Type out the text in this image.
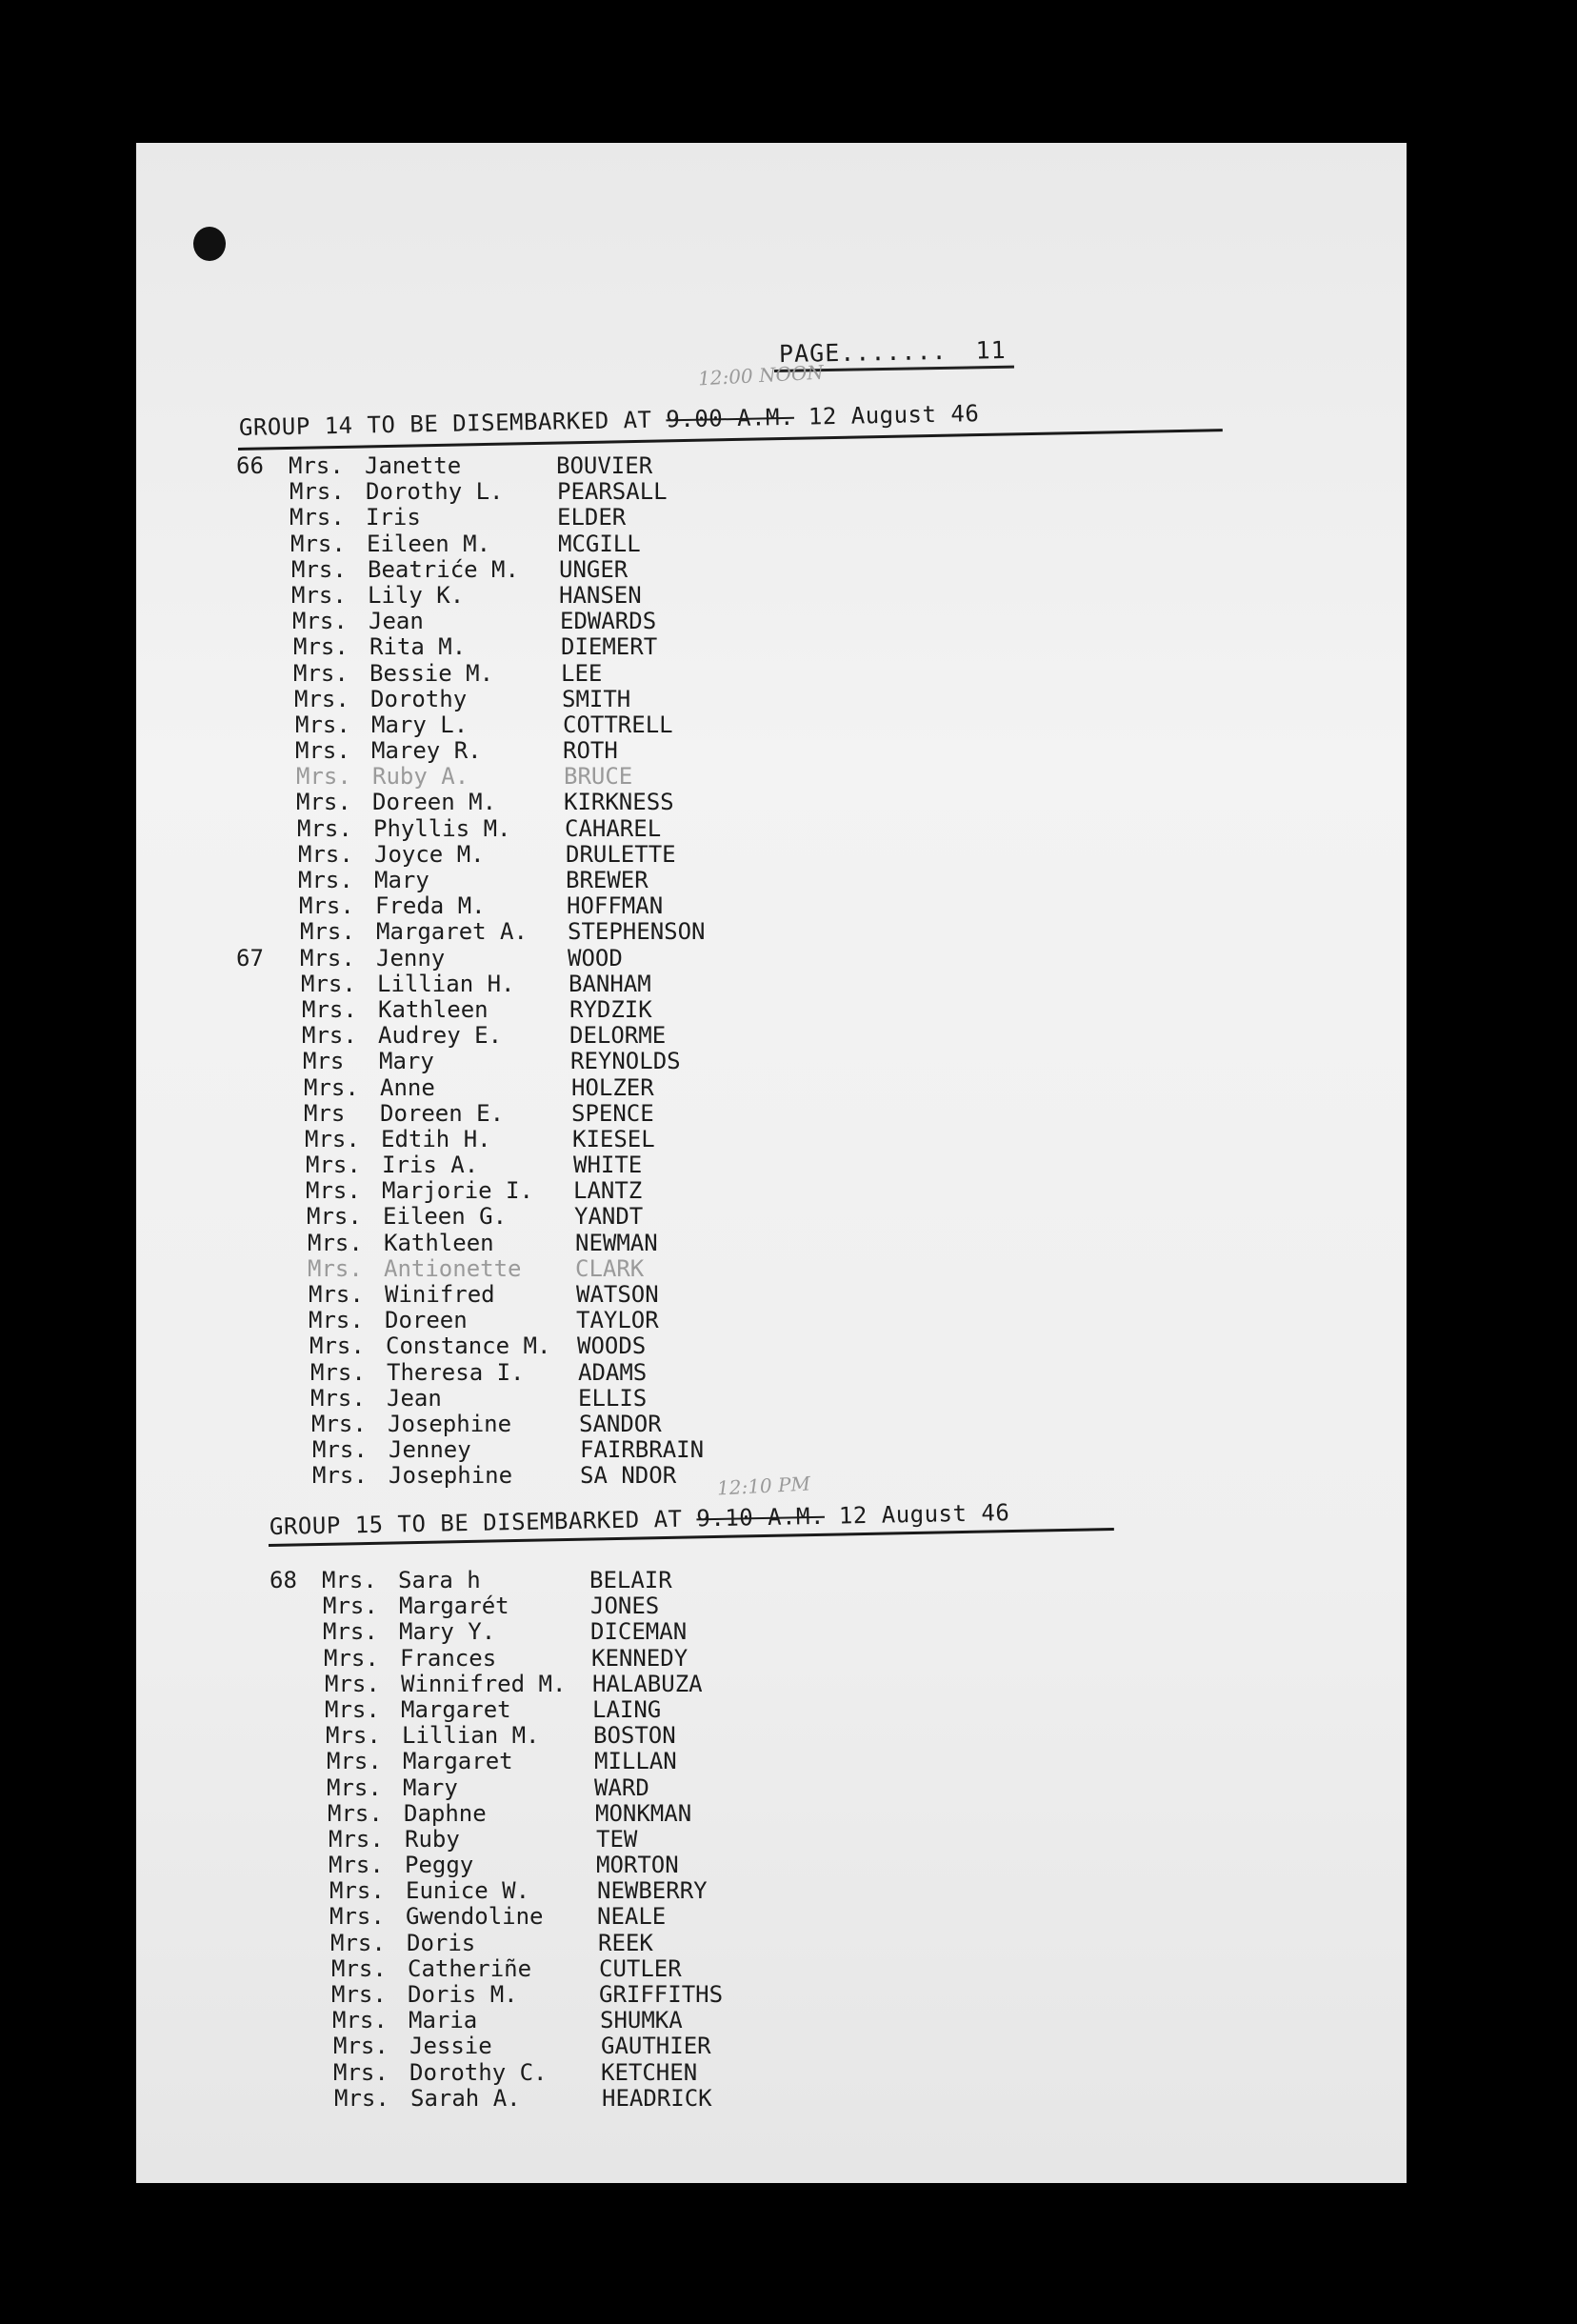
PAGE....... 11
12:00 NOON
GROUP 14 TO BE DISEMBARKED AT 9.00 A.M. 12 August 46
66	Mrs. Janette	BOUVIER
Mrs. Dorothy L. PEARSALL
Mrs. Iris	ELDER
Mrs. Eileen M.	MCGILL
Mrs. Beatriće M. UNGER
Mrs. Lily K.	HANSEN
Mrs. Jean	EDWARDS
Mrs. Rita M.	DIEMERT
Mrs. Bessie M.	LEE
Mrs. Dorothy	SMITH
Mrs. Mary L.	COTTRELL
Mrs. Marey R.	ROTH
Mrs. Ruby A.	BRUCE
Mrs. Doreen M.	KIRKNESS
Mrs. Phyllis M. CAHAREL
Mrs. Joyce M.	DRULETTE
Mrs. Mary	BREWER
Mrs. Freda M.	HOFFMAN
Mrs. Margaret A. STEPHENSON
67	Mrs. Jenny	WOOD
Mrs. Lillian H. BANHAM
Mrs. Kathleen	RYDZIK
Mrs. Audrey E.	DELORME
Mrs Mary	REYNOLDS
Mrs. Anne	HOLZER
Mrs Doreen E.	SPENCE
Mrs. Edtih H.	KIESEL
Mrs. Iris A.	WHITE
Mrs. Marjorie I. LANTZ
Mrs. Eileen G.	YANDT
Mrs. Kathleen	NEWMAN
Mrs. Antionette CLARK
Mrs. Winifred	WATSON
Mrs. Doreen	TAYLOR
Mrs. Constance M. WOODS
Mrs. Theresa I. ADAMS
Mrs. Jean	ELLIS
Mrs. Josephine	SANDOR
Mrs. Jenney	FAIRBRAIN
Mrs. Josephine	SA NDOR 12:10 PM
GROUP 15 TO BE DISEMBARKED AT 9.10 A.M. 12 August 46
68	Mrs. Sara h	BELAIR
Mrs. Margarét	JONES
Mrs. Mary Y.	DICEMAN
Mrs. Frances	KENNEDY
Mrs. Winnifred M. HALABUZA
Mrs. Margaret	LAING
Mrs. Lillian M. BOSTON
Mrs. Margaret	MILLAN
Mrs. Mary	WARD
Mrs. Daphne	MONKMAN
Mrs. Ruby	TEW
Mrs. Peggy	MORTON
Mrs. Eunice W.	NEWBERRY
Mrs. Gwendoline NEALE
Mrs. Doris	REEK
Mrs. Catheriñe	CUTLER
Mrs. Doris M.	GRIFFITHS
Mrs. Maria	SHUMKA
Mrs. Jessie	GAUTHIER
Mrs. Dorothy C. KETCHEN
Mrs. Sarah A.	HEADRICK
